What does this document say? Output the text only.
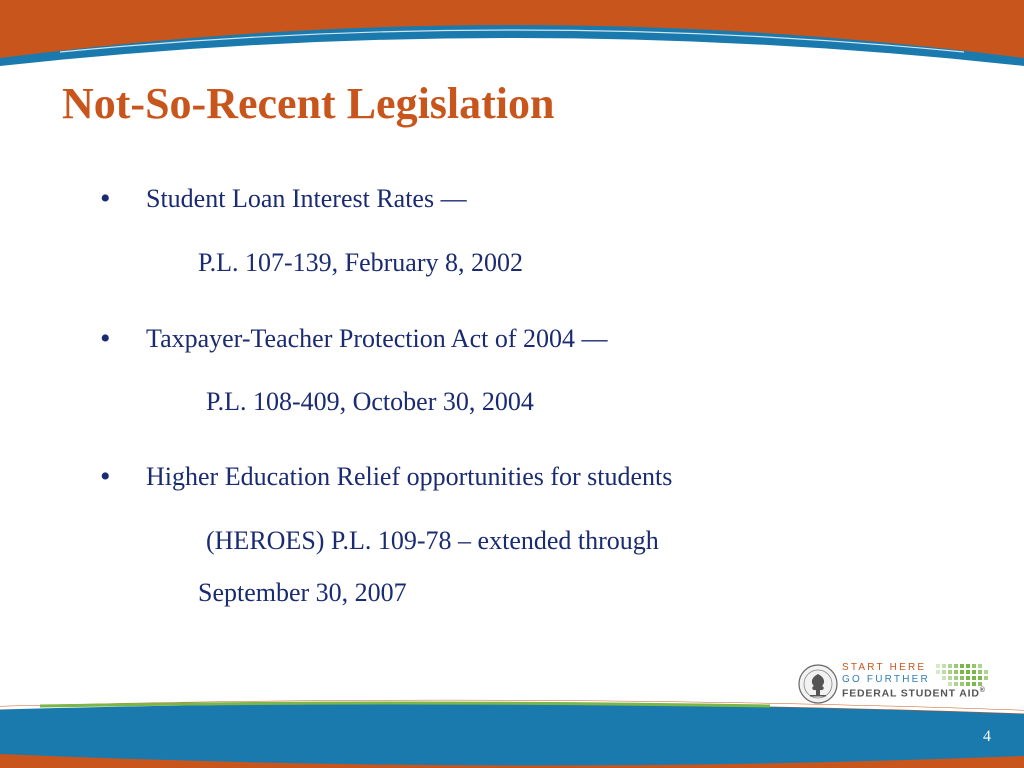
Not-So-Recent Legislation
• Student Loan Interest Rates —
P.L. 107-139, February 8, 2002
• Taxpayer-Teacher Protection Act of 2004 —
P.L. 108-409, October 30, 2004
• Higher Education Relief opportunities for students
(HEROES) P.L. 109-78 – extended through
September 30, 2007
START HERE
GO FURTHER
FEDERAL STUDENT AID®
4
